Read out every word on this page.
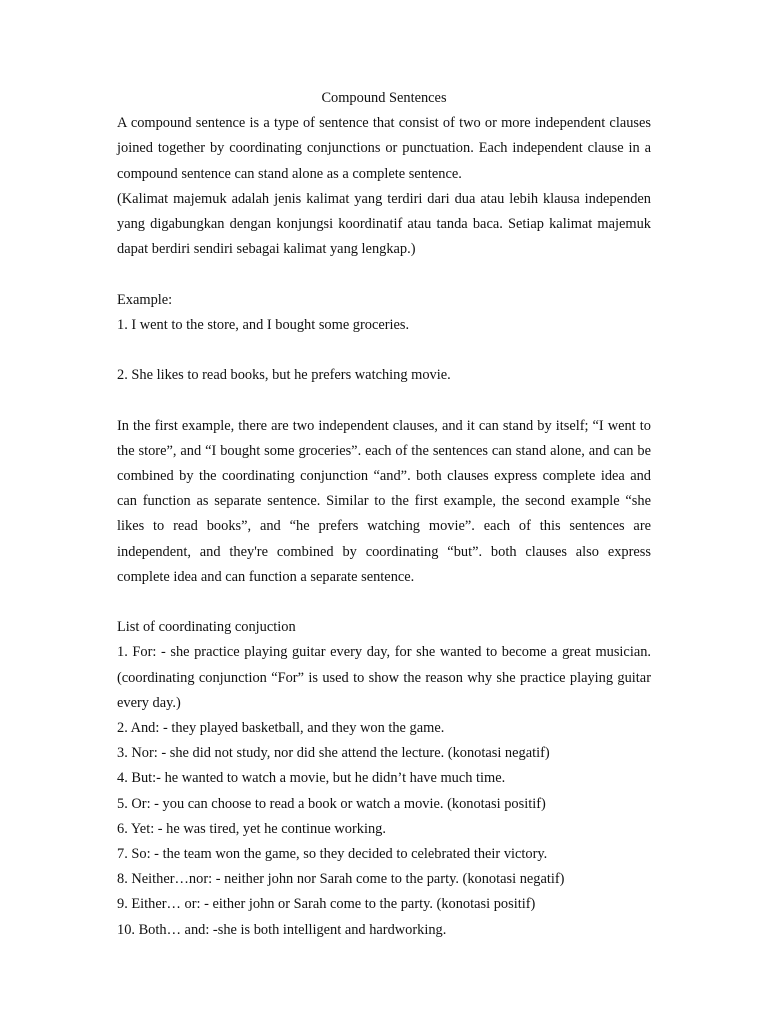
Compound Sentences

A compound sentence is a type of sentence that consist of two or more independent clauses joined together by coordinating conjunctions or punctuation. Each independent clause in a compound sentence can stand alone as a complete sentence.

(Kalimat majemuk adalah jenis kalimat yang terdiri dari dua atau lebih klausa independen yang digabungkan dengan konjungsi koordinatif atau tanda baca. Setiap kalimat majemuk dapat berdiri sendiri sebagai kalimat yang lengkap.)

Example:

1. I went to the store, and I bought some groceries.

2. She likes to read books, but he prefers watching movie.

In the first example, there are two independent clauses, and it can stand by itself; “I went to the store”, and “I bought some groceries”. each of the sentences can stand alone, and can be combined by the coordinating conjunction “and”. both clauses express complete idea and can function as separate sentence. Similar to the first example, the second example “she likes to read books”, and “he prefers watching movie”. each of this sentences are independent, and they're combined by coordinating “but”. both clauses also express complete idea and can function a separate sentence.

List of coordinating conjuction

1. For: - she practice playing guitar every day, for she wanted to become a great musician. (coordinating conjunction “For” is used to show the reason why she practice playing guitar every day.)

2. And: - they played basketball, and they won the game.

3. Nor: - she did not study, nor did she attend the lecture. (konotasi negatif)

4. But:- he wanted to watch a movie, but he didn’t have much time.

5. Or: - you can choose to read a book or watch a movie. (konotasi positif)

6. Yet: - he was tired, yet he continue working.

7. So: - the team won the game, so they decided to celebrated their victory.

8. Neither…nor: - neither john nor Sarah come to the party. (konotasi negatif)

9. Either… or: - either john or Sarah come to the party. (konotasi positif)

10. Both… and: -she is both intelligent and hardworking.
